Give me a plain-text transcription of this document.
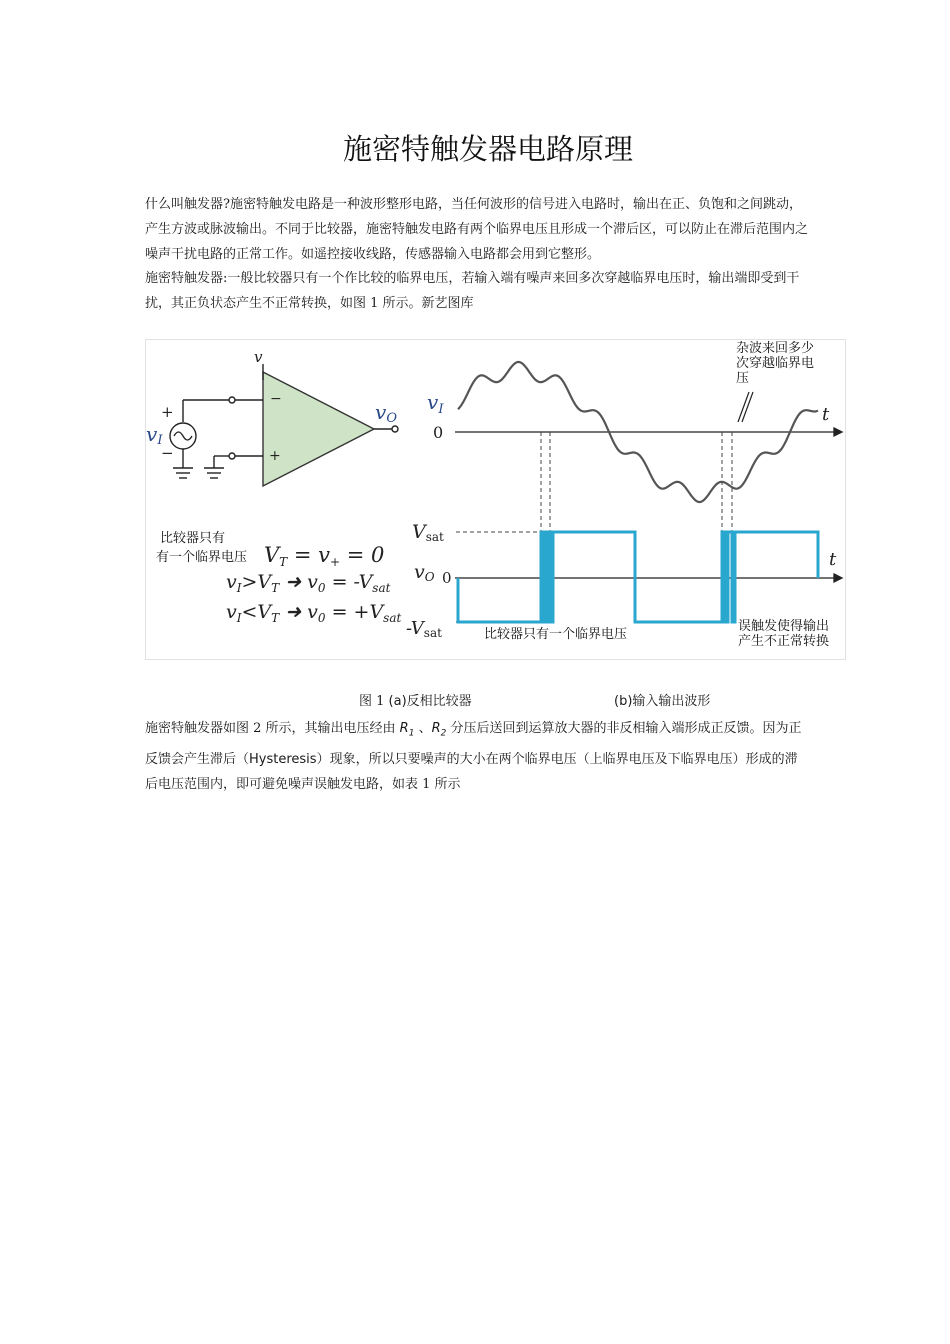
施密特触发器电路原理

什么叫触发器?施密特触发电路是一种波形整形电路，当任何波形的信号进入电路时，输出在正、负饱和之间跳动，产生方波或脉波输出。不同于比较器，施密特触发电路有两个临界电压且形成一个滞后区，可以防止在滞后范围内之噪声干扰电路的正常工作。如遥控接收线路，传感器输入电路都会用到它整形。

施密特触发器:一般比较器只有一个作比较的临界电压，若输入端有噪声来回多次穿越临界电压时，输出端即受到干扰，其正负状态产生不正常转换，如图 1 所示。新艺图库

v
−
+
+
−
vI
vO
比较器只有
有一个临界电压 VT = v+ = 0
$v_I>V_T$ ➜ $v_0 = -V_{sat}$
$v_I<V_T$ ➜ $v_0 = +V_{sat}$
$v_I$
0
t
Vsat
vO 0
t
-Vsat
杂波来回多少
次穿越临界电
压
比较器只有一个临界电压
误触发使得输出
产生不正常转换
图 1 (a)反相比较器	(b)输入输出波形

施密特触发器如图 2 所示，其输出电压经由 $R_1$ 、$R_2$ 分压后送回到运算放大器的非反相输入端形成正反馈。因为正反馈会产生滞后（Hysteresis）现象，所以只要噪声的大小在两个临界电压（上临界电压及下临界电压）形成的滞后电压范围内，即可避免噪声误触发电路，如表 1 所示
